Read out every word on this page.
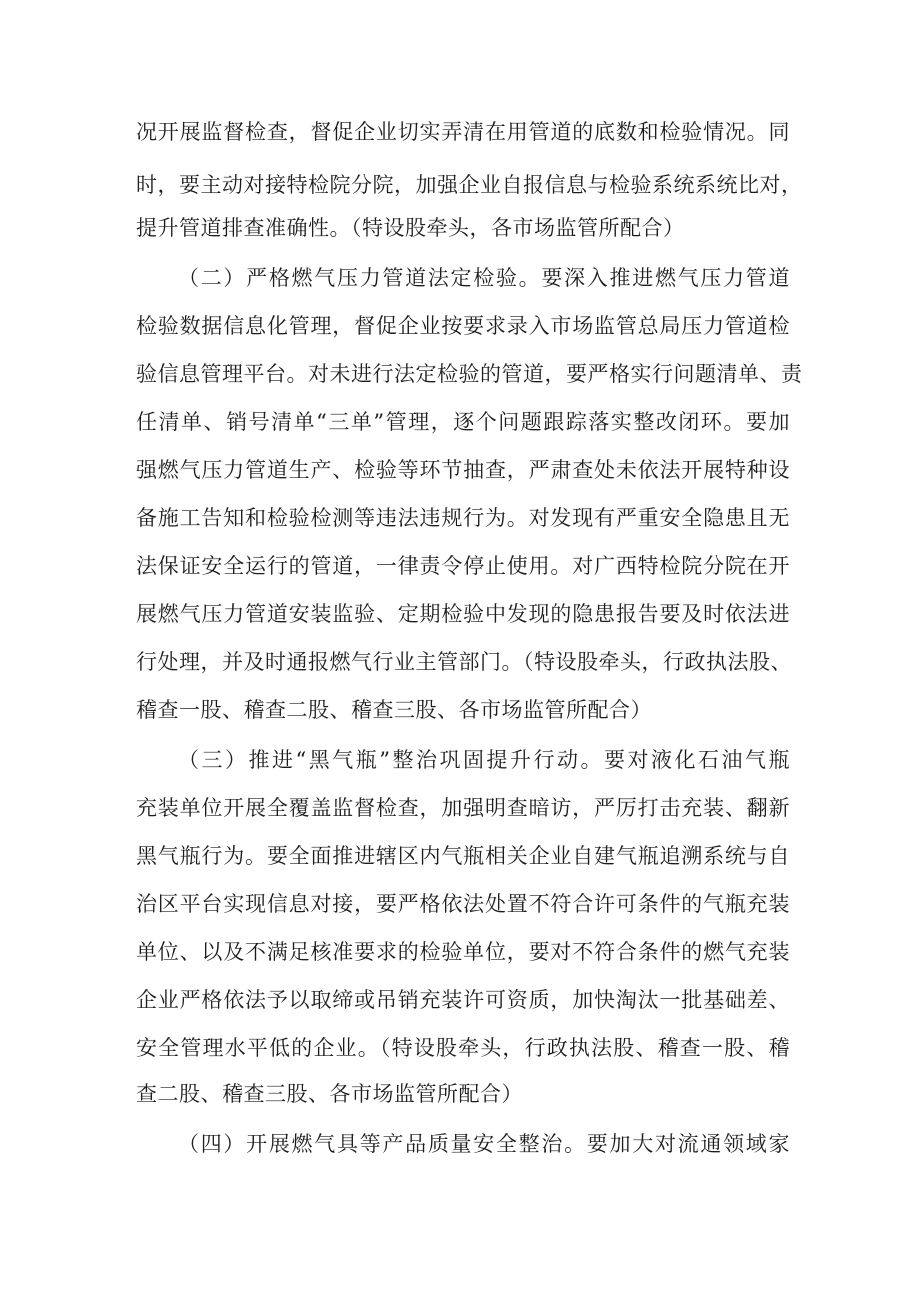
况开展监督检查，督促企业切实弄清在用管道的底数和检验情况。同
时，要主动对接特检院分院，加强企业自报信息与检验系统系统比对，
提升管道排查准确性。（特设股牵头，各市场监管所配合）
（二）严格燃气压力管道法定检验。要深入推进燃气压力管道
检验数据信息化管理，督促企业按要求录入市场监管总局压力管道检
验信息管理平台。对未进行法定检验的管道，要严格实行问题清单、责
任清单、销号清单“三单”管理，逐个问题跟踪落实整改闭环。要加
强燃气压力管道生产、检验等环节抽查，严肃查处未依法开展特种设
备施工告知和检验检测等违法违规行为。对发现有严重安全隐患且无
法保证安全运行的管道，一律责令停止使用。对广西特检院分院在开
展燃气压力管道安装监验、定期检验中发现的隐患报告要及时依法进
行处理，并及时通报燃气行业主管部门。（特设股牵头，行政执法股、
稽查一股、稽查二股、稽查三股、各市场监管所配合）
（三）推进“黑气瓶”整治巩固提升行动。要对液化石油气瓶
充装单位开展全覆盖监督检查，加强明查暗访，严厉打击充装、翻新
黑气瓶行为。要全面推进辖区内气瓶相关企业自建气瓶追溯系统与自
治区平台实现信息对接，要严格依法处置不符合许可条件的气瓶充装
单位、以及不满足核准要求的检验单位，要对不符合条件的燃气充装
企业严格依法予以取缔或吊销充装许可资质，加快淘汰一批基础差、
安全管理水平低的企业。（特设股牵头，行政执法股、稽查一股、稽
查二股、稽查三股、各市场监管所配合）
（四）开展燃气具等产品质量安全整治。要加大对流通领域家
